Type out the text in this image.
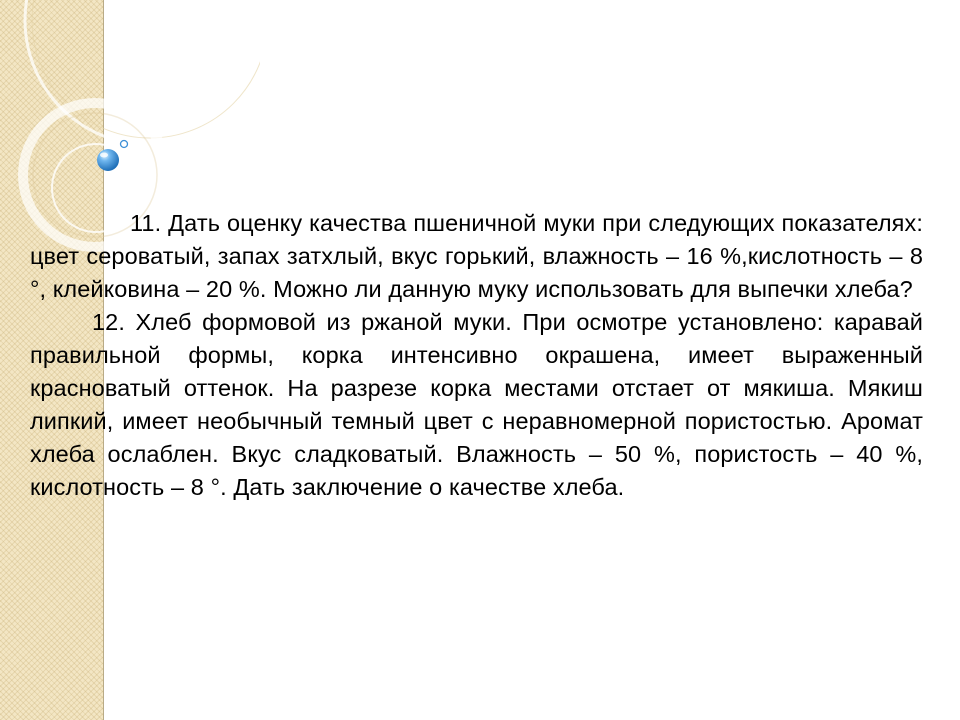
11. Дать оценку качества пшеничной муки при следующих показателях: цвет сероватый, запах затхлый, вкус горький, влажность – 16 %,кислотность – 8 °, клейковина – 20 %. Можно ли данную муку использовать для выпечки хлеба?

12. Хлеб формовой из ржаной муки. При осмотре установлено: каравай правильной формы, корка интенсивно окрашена, имеет выраженный красноватый оттенок. На разрезе корка местами отстает от мякиша. Мякиш липкий, имеет необычный темный цвет с неравномерной пористостью. Аромат хлеба ослаблен. Вкус сладковатый. Влажность – 50 %, пористость – 40 %, кислотность – 8 °. Дать заключение о качестве хлеба.
